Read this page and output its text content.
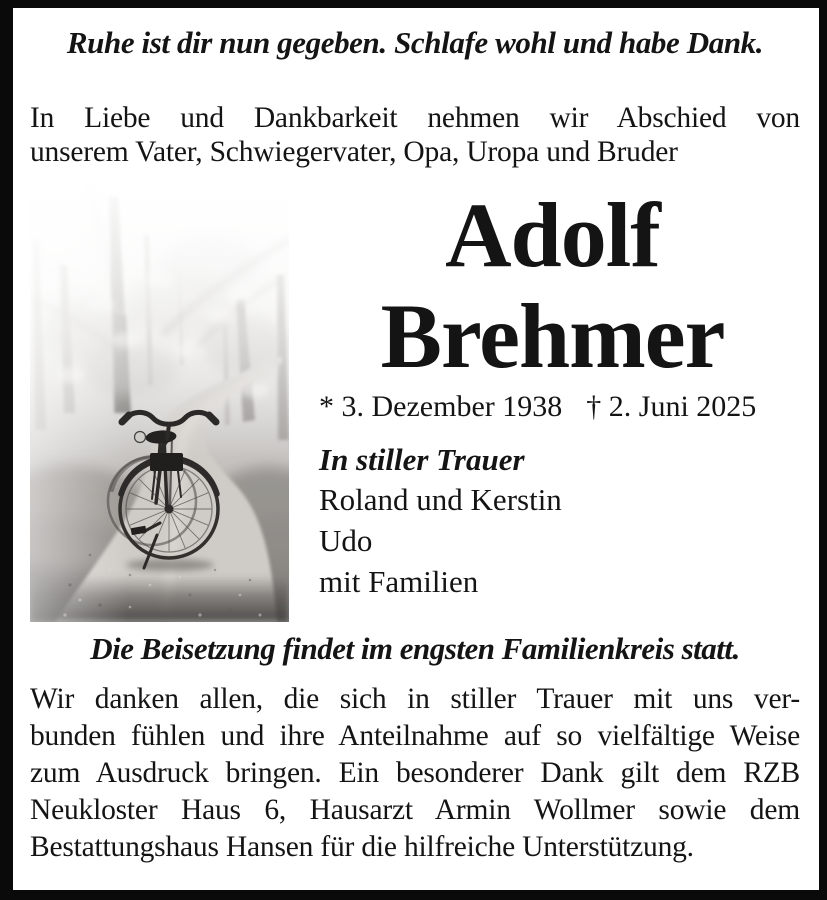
Ruhe ist dir nun gegeben. Schlafe wohl und habe Dank.
In Liebe und Dankbarkeit nehmen wir Abschied von
unserem Vater, Schwiegervater, Opa, Uropa und Bruder
Adolf
Brehmer
* 3. Dezember 1938 † 2. Juni 2025
In stiller Trauer
Roland und Kerstin
Udo
mit Familien
Die Beisetzung findet im engsten Familienkreis statt.
Wir danken allen, die sich in stiller Trauer mit uns ver-
bunden fühlen und ihre Anteilnahme auf so vielfältige Weise
zum Ausdruck bringen. Ein besonderer Dank gilt dem RZB
Neukloster Haus 6, Hausarzt Armin Wollmer sowie dem
Bestattungshaus Hansen für die hilfreiche Unterstützung.
